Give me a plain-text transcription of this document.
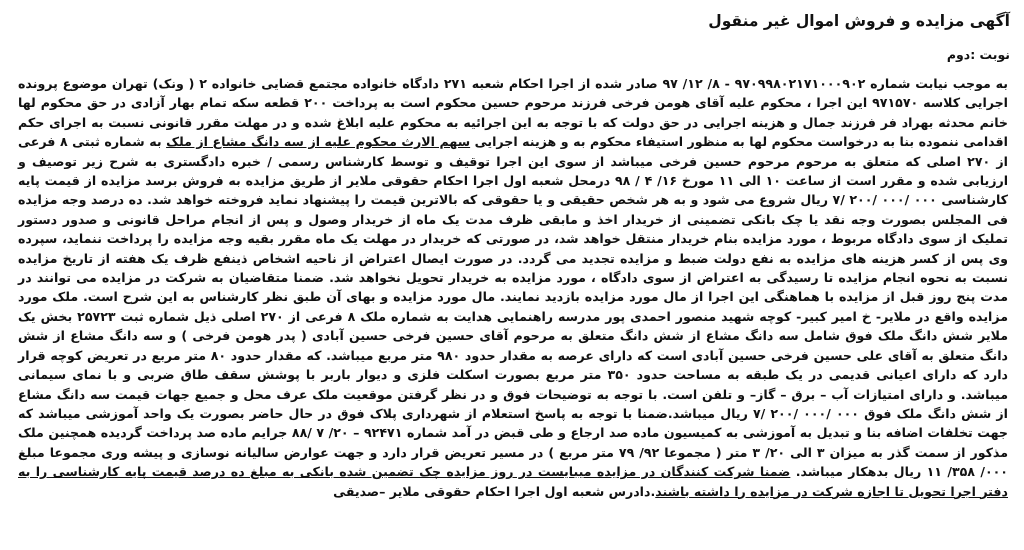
آگهی مزایده و فروش اموال غیر منقول
نوبت :دوم

به موجب نیابت شماره ۹۷۰۹۹۸۰۲۱۷۱۰۰۰۹۰۲ - ۸/ ۱۲/ ۹۷ صادر شده از اجرا احکام شعبه ۲۷۱ دادگاه خانواده مجتمع قضایی خانواده ۲ ( ونک) تهران موضوع پرونده اجرایی کلاسه ۹۷۱۵۷۰ این اجرا ، محکوم علیه آقای هومن فرخی فرزند مرحوم حسین محکوم است به پرداخت ۲۰۰ قطعه سکه تمام بهار آزادی در حق محکوم لها خانم محدثه بهراد فر فرزند جمال و هزینه اجرایی در حق دولت که با توجه به این اجرائیه به محکوم علیه ابلاغ شده و در مهلت مقرر قانونی نسبت به اجرای حکم اقدامی ننموده بنا به درخواست محکوم لها به منظور استیفاء محکوم به و هزینه اجرایی سهم الارث محکوم علیه از سه دانگ مشاع از ملک به شماره ثبتی ۸ فرعی از ۲۷۰ اصلی که متعلق به مرحوم مرحوم حسین فرخی میباشد از سوی این اجرا توقیف و توسط کارشناس رسمی / خبره دادگستری به شرح زیر توصیف و ارزیابی شده و مقرر است از ساعت ۱۰ الی ۱۱ مورخ ۱۶/ ۴ / ۹۸ درمحل شعبه اول اجرا احکام حقوقی ملایر از طریق مزایده به فروش برسد مزایده از قیمت پایه کارشناسی ۰۰۰ /۰۰۰ /۲۰۰ /۷ ریال شروع می شود و به هر شخص حقیقی و یا حقوقی که بالاترین قیمت را پیشنهاد نماید فروخته خواهد شد. ده درصد وجه مزایده فی المجلس بصورت وجه نقد یا چک بانکی تضمینی از خریدار اخذ و مابقی ظرف مدت یک ماه از خریدار وصول و پس از انجام مراحل قانونی و صدور دستور تملیک از سوی دادگاه مربوط ، مورد مزایده بنام خریدار منتقل خواهد شد، در صورتی که خریدار در مهلت یک ماه مقرر بقیه وجه مزایده را پرداخت ننماید، سپرده وی پس از کسر هزینه های مزایده به نفع دولت ضبط و مزایده تجدید می گردد. در صورت ایصال اعتراض از ناحیه اشخاص ذینفع ظرف یک هفته از تاریخ مزایده نسبت به نحوه انجام مزایده تا رسیدگی به اعتراض از سوی دادگاه ، مورد مزایده به خریدار تحویل نخواهد شد. ضمنا متقاضیان به شرکت در مزایده می توانند در مدت پنج روز قبل از مزایده با هماهنگی این اجرا از مال مورد مزایده بازدید نمایند. مال مورد مزایده و بهای آن طبق نظر کارشناس به این شرح است. ملک مورد مزایده واقع در ملایر- خ امیر کبیر- کوچه شهید منصور احمدی پور مدرسه راهنمایی هدایت به شماره ملک ۸ فرعی از ۲۷۰ اصلی ذیل شماره ثبت ۲۵۷۲۳ بخش یک ملایر شش دانگ ملک فوق شامل سه دانگ مشاع از شش دانگ متعلق به مرحوم آقای حسین فرخی حسین آبادی ( پدر هومن فرخی ) و سه دانگ مشاع از شش دانگ متعلق به آقای علی حسین فرخی حسین آبادی است که دارای عرصه به مقدار حدود ۹۸۰ متر مربع میباشد. که مقدار حدود ۸۰ متر مربع در تعریض کوچه قرار دارد که دارای اعیانی قدیمی در یک طبقه به مساحت حدود ۳۵۰ متر مربع بصورت اسکلت فلزی و دیوار باربر با پوشش سقف طاق ضربی و با نمای سیمانی میباشد. و دارای امتیازات آب – برق – گاز– و تلفن است. با توجه به توضیحات فوق و در نظر گرفتن موقعیت ملک عرف محل و جمیع جهات قیمت سه دانگ مشاع از شش دانگ ملک فوق ۰۰۰ /۰۰۰ /۲۰۰ /۷ ریال میباشد.ضمنا با توجه به پاسخ استعلام از شهرداری پلاک فوق در حال حاضر بصورت یک واحد آموزشی میباشد که جهت تخلفات اضافه بنا و تبدیل به آموزشی به کمیسیون ماده صد ارجاع و طی قبض در آمد شماره ۹۲۴۷۱ – ۲۰/ ۷ /۸۸ جرایم ماده صد پرداخت گردیده همچنین ملک مذکور از سمت گذر به میزان ۳ الی ۲۰/ ۳ متر ( مجموعا ۹۲/ ۷۹ متر مربع ) در مسیر تعریض قرار دارد و جهت عوارض سالیانه نوسازی و پیشه وری مجموعا مبلغ ۰۰۰/ ۳۵۸/ ۱۱ ریال بدهکار میباشد. ضمنا شرکت کنندگان در مزایده میبایست در روز مزایده چک تضمین شده بانکی به مبلغ ده درصد قیمت پایه کارشناسی را به دفتر اجرا تحویل تا اجازه شرکت در مزایده را داشته باشند.دادرس شعبه اول اجرا احکام حقوقی ملایر –صدیقی
